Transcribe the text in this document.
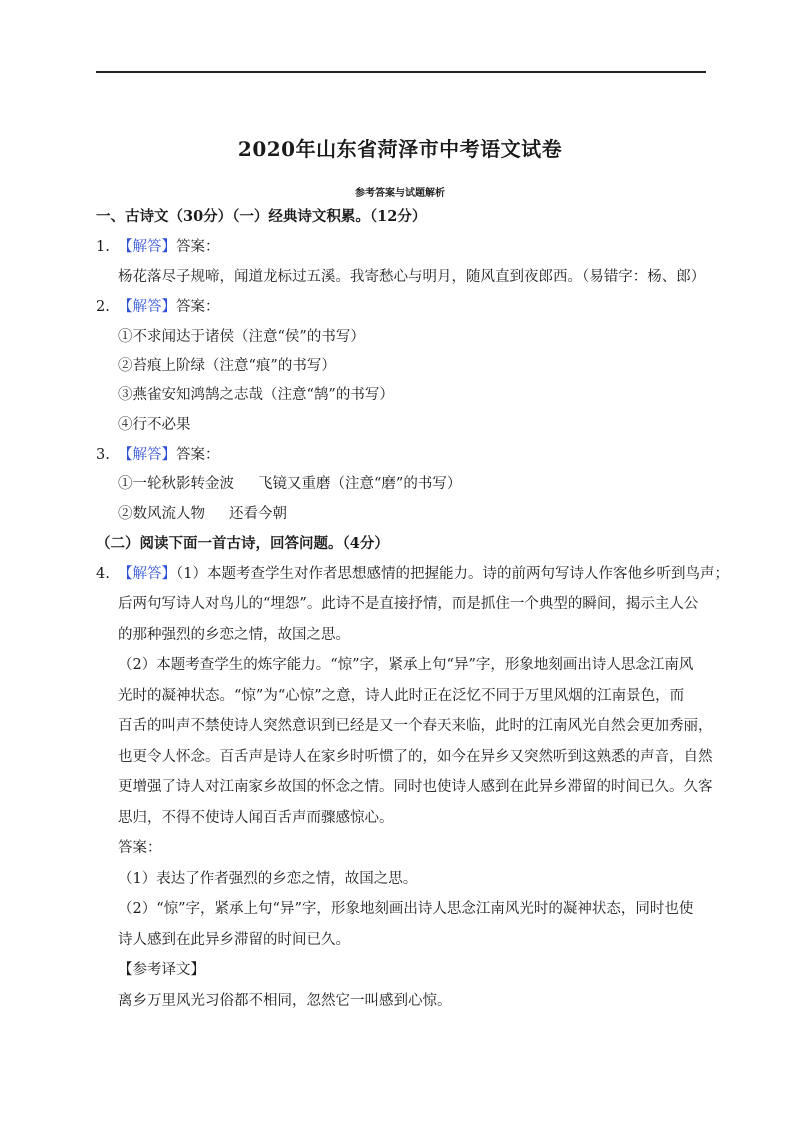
2020年山东省菏泽市中考语文试卷
参考答案与试题解析
一、古诗文（30分）（一）经典诗文积累。（12分）
1. 【解答】答案：
杨花落尽子规啼，闻道龙标过五溪。我寄愁心与明月，随风直到夜郎西。（易错字：杨、郎）
2. 【解答】答案：
①不求闻达于诸侯（注意“侯”的书写）
②苔痕上阶绿（注意“痕”的书写）
③燕雀安知鸿鹄之志哉（注意“鹄”的书写）
④行不必果
3. 【解答】答案：
①一轮秋影转金波 飞镜又重磨（注意“磨”的书写）
②数风流人物 还看今朝
（二）阅读下面一首古诗，回答问题。（4分）
4. 【解答】（1）本题考查学生对作者思想感情的把握能力。诗的前两句写诗人作客他乡听到鸟声；
后两句写诗人对鸟儿的“埋怨”。此诗不是直接抒情，而是抓住一个典型的瞬间，揭示主人公
的那种强烈的乡恋之情，故国之思。
（2）本题考查学生的炼字能力。“惊”字，紧承上句“异”字，形象地刻画出诗人思念江南风
光时的凝神状态。“惊”为“心惊”之意，诗人此时正在泛忆不同于万里风烟的江南景色，而
百舌的叫声不禁使诗人突然意识到已经是又一个春天来临，此时的江南风光自然会更加秀丽，
也更令人怀念。百舌声是诗人在家乡时听惯了的，如今在异乡又突然听到这熟悉的声音，自然
更增强了诗人对江南家乡故国的怀念之情。同时也使诗人感到在此异乡滞留的时间已久。久客
思归，不得不使诗人闻百舌声而骤感惊心。
答案：
（1）表达了作者强烈的乡恋之情，故国之思。
（2）“惊”字，紧承上句“异”字，形象地刻画出诗人思念江南风光时的凝神状态，同时也使
诗人感到在此异乡滞留的时间已久。
【参考译文】
离乡万里风光习俗都不相同，忽然它一叫感到心惊。
